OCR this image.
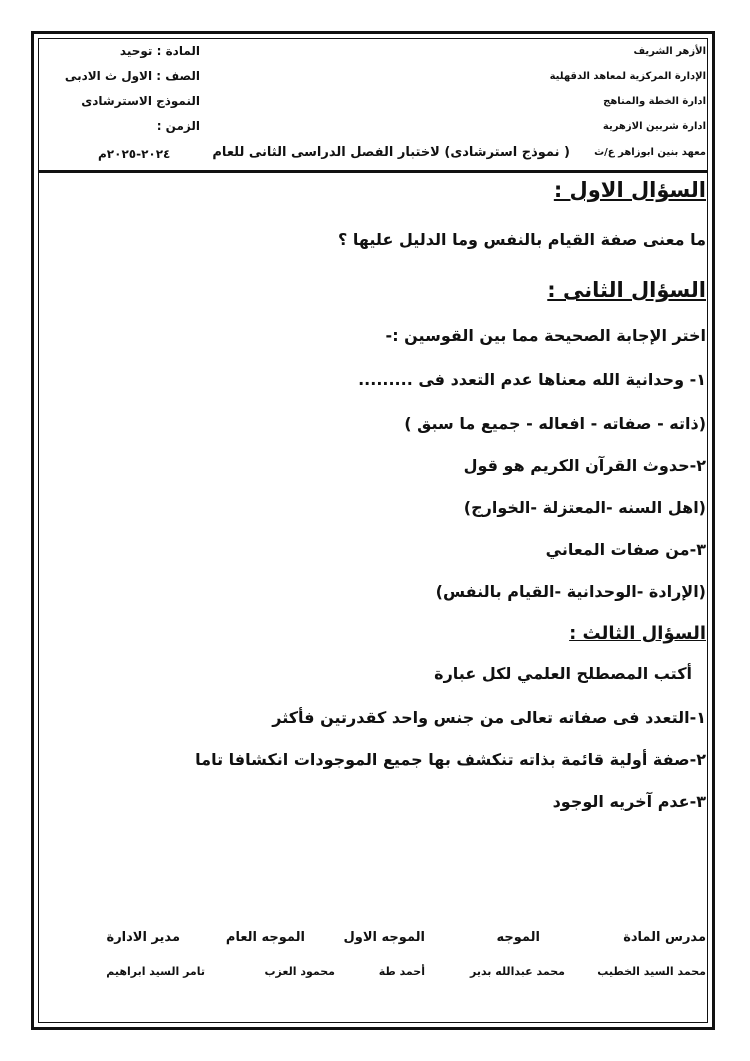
الأزهر الشريف
الإدارة المركزية لمعاهد الدقهلية
ادارة الخطة والمناهج
ادارة شربين الازهرية
معهد بنين ابوزاهر ع/ث
المادة : توحيد
الصف : الاول ث الادبى
النموذج الاسترشادى
الزمن :
( نموذج استرشادى) لاختبار الفصل الدراسى الثانى للعام
٢٠٢٤-٢٠٢٥م
السؤال الاول :
ما معنى صفة القيام بالنفس وما الدليل عليها ؟
السؤال الثانى :
اختر الإجابة الصحيحة مما بين القوسين :-
١- وحدانية الله معناها عدم التعدد فى .........
(ذاته - صفاته - افعاله - جميع ما سبق )
٢-حدوث القرآن الكريم هو قول
(اهل السنه -المعتزلة -الخوارج)
٣-من صفات المعاني
(الإرادة -الوحدانية -القيام بالنفس)
السؤال الثالث :
أكتب المصطلح العلمي لكل عبارة
١-التعدد فى صفاته تعالى من جنس واحد كقدرتين فأكثر
٢-صفة أولية قائمة بذاته تنكشف بها جميع الموجودات انكشافا تاما
٣-عدم آخريه الوجود
مدرس المادة
الموجه
الموجه الاول
الموجه العام
مدير الادارة
محمد السيد الخطيب
محمد عبدالله بدير
أحمد طة
محمود العزب
تامر السيد ابراهيم
